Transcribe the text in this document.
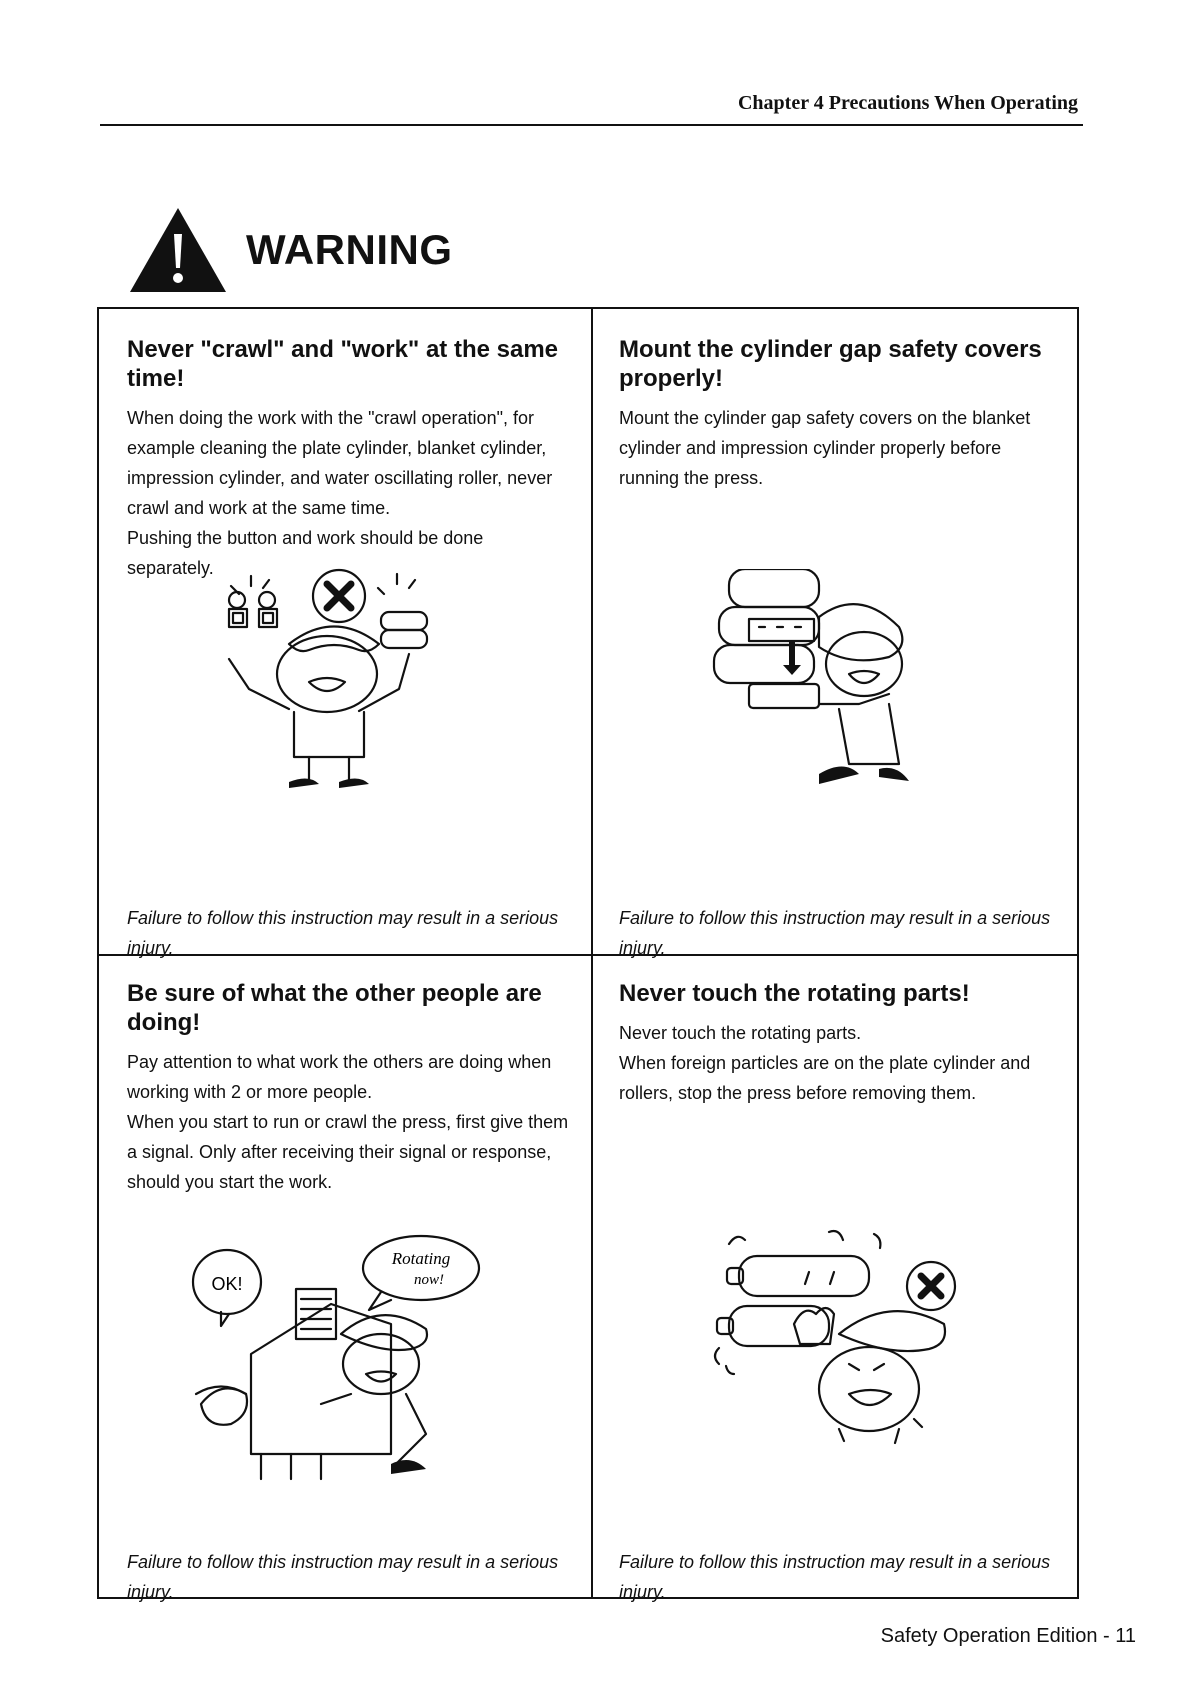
Chapter 4 Precautions When Operating
WARNING
Never "crawl" and "work" at the same time!

When doing the work with the "crawl operation", for example cleaning the plate cylinder, blanket cylinder, impression cylinder, and water oscillating roller, never crawl and work at the same time.

Pushing the button and work should be done separately.

Failure to follow this instruction may result in a serious injury.

Mount the cylinder gap safety covers properly!

Mount the cylinder gap safety covers on the blanket cylinder and impression cylinder properly before running the press.

Failure to follow this instruction may result in a serious injury.

Be sure of what the other people are doing!

Pay attention to what work the others are doing when working with 2 or more people.

When you start to run or crawl the press, first give them a signal. Only after receiving their signal or response, should you start the work.

Failure to follow this instruction may result in a serious injury.

OK!
Rotating
now!
Never touch the rotating parts!

Never touch the rotating parts.

When foreign particles are on the plate cylinder and rollers, stop the press before removing them.

Failure to follow this instruction may result in a serious injury.

Safety Operation Edition - 11
